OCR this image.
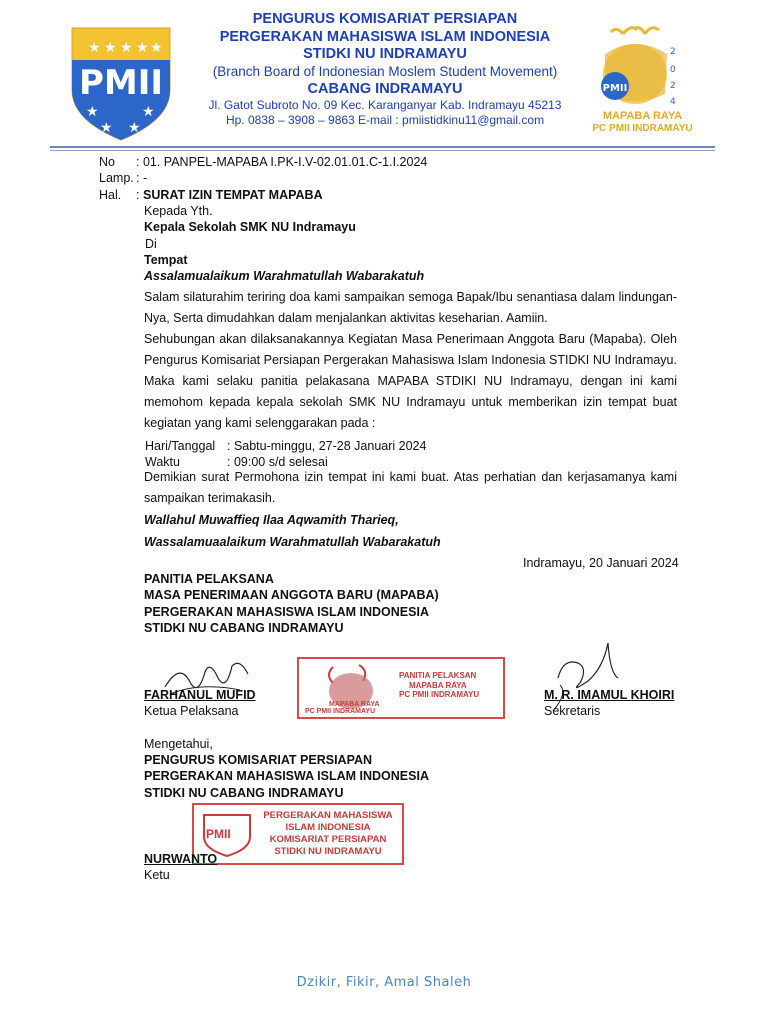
PMII
★ ★ ★ ★ ★
★	★
★ ★
PENGURUS KOMISARIAT PERSIAPAN
PERGERAKAN MAHASISWA ISLAM INDONESIA
STIDKI NU INDRAMAYU
(Branch Board of Indonesian Moslem Student Movement)
CABANG INDRAMAYU
Jl. Gatot Subroto No. 09 Kec. Karanganyar Kab. Indramayu 45213
Hp. 0838 – 3908 – 9863 E-mail : pmiistidkinu11@gmail.com
PMII
2
0
2
4
MAPABA RAYA
PC PMII INDRAMAYU
No : 01. PANPEL-MAPABA I.PK-I.V-02.01.01.C-1.I.2024
Lamp. : -
Hal. : SURAT IZIN TEMPAT MAPABA
Kepada Yth.
Kepala Sekolah SMK NU Indramayu
Di
Tempat
Assalamualaikum Warahmatullah Wabarakatuh
Salam silaturahim teriring doa kami sampaikan semoga Bapak/Ibu senantiasa dalam lindungan-Nya, Serta dimudahkan dalam menjalankan aktivitas keseharian. Aamiin.
Sehubungan akan dilaksanakannya Kegiatan Masa Penerimaan Anggota Baru (Mapaba). Oleh Pengurus Komisariat Persiapan Pergerakan Mahasiswa Islam Indonesia STIDKI NU Indramayu. Maka kami selaku panitia pelakasana MAPABA STDIKI NU Indramayu, dengan ini kami memohom kepada kepala sekolah SMK NU Indramayu untuk memberikan izin tempat buat kegiatan yang kami selenggarakan pada :
Hari/Tanggal : Sabtu-minggu, 27-28 Januari 2024
Waktu	: 09:00 s/d selesai
Demikian surat Permohona izin tempat ini kami buat. Atas perhatian dan kerjasamanya kami sampaikan terimakasih.
Wallahul Muwaffieq Ilaa Aqwamith Tharieq,
Wassalamuaalaikum Warahmatullah Wabarakatuh
Indramayu, 20 Januari 2024
PANITIA PELAKSANA
MASA PENERIMAAN ANGGOTA BARU (MAPABA)
PERGERAKAN MAHASISWA ISLAM INDONESIA
STIDKI NU CABANG INDRAMAYU
PANITIA PELAKSAN
MAPABA RAYA
PC PMII INDRAMAYU
MAPABA RAYA
PC PMII INDRAMAYU
FARHANUL MUFID
Ketua Pelaksana
M. R. IMAMUL KHOIRI
Sekretaris
Mengetahui,
PENGURUS KOMISARIAT PERSIAPAN
PERGERAKAN MAHASISWA ISLAM INDONESIA
STIDKI NU CABANG INDRAMAYU
PMII
PERGERAKAN MAHASISWA
ISLAM INDONESIA
KOMISARIAT PERSIAPAN
STIDKI NU INDRAMAYU
NURWANTO
Ketu
Dzikir, Fikir, Amal Shaleh
